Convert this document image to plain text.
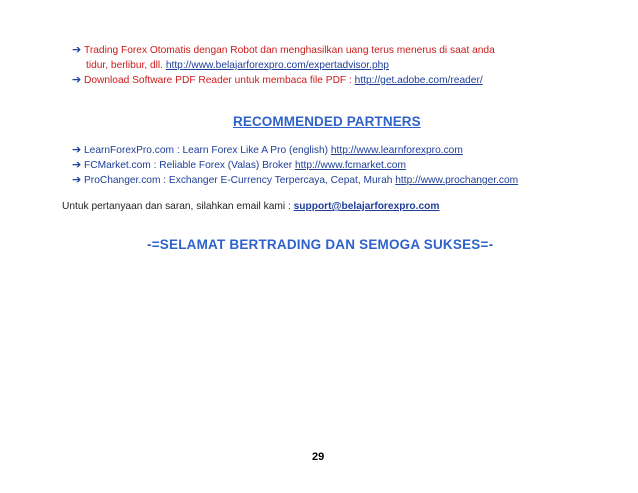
➔ Trading Forex Otomatis dengan Robot dan menghasilkan uang terus menerus di saat anda
tidur, berlibur, dll. http://www.belajarforexpro.com/expertadvisor.php
➔ Download Software PDF Reader untuk membaca file PDF : http://get.adobe.com/reader/
RECOMMENDED PARTNERS
➔ LearnForexPro.com : Learn Forex Like A Pro (english) http://www.learnforexpro.com
➔ FCMarket.com : Reliable Forex (Valas) Broker http://www.fcmarket.com
➔ ProChanger.com : Exchanger E-Currency Terpercaya, Cepat, Murah http://www.prochanger.com
Untuk pertanyaan dan saran, silahkan email kami : support@belajarforexpro.com
-=SELAMAT BERTRADING DAN SEMOGA SUKSES=-
29
